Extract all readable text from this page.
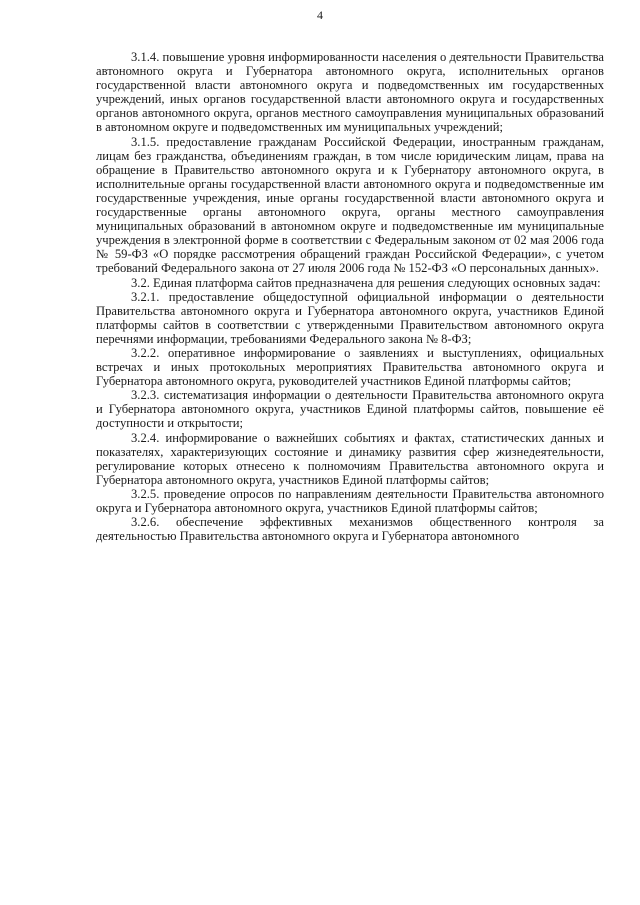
4

3.1.4. повышение уровня информированности населения о деятельности Правительства автономного округа и Губернатора автономного округа, исполнительных органов государственной власти автономного округа и подведомственных им государственных учреждений, иных органов государственной власти автономного округа и государственных органов автономного округа, органов местного самоуправления муниципальных образований в автономном округе и подведомственных им муниципальных учреждений;

3.1.5. предоставление гражданам Российской Федерации, иностранным гражданам, лицам без гражданства, объединениям граждан, в том числе юридическим лицам, права на обращение в Правительство автономного округа и к Губернатору автономного округа, в исполнительные органы государственной власти автономного округа и подведомственные им государственные учреждения, иные органы государственной власти автономного округа и государственные органы автономного округа, органы местного самоуправления муниципальных образований в автономном округе и подведомственные им муниципальные учреждения в электронной форме в соответствии с Федеральным законом от 02 мая 2006 года № 59-ФЗ «О порядке рассмотрения обращений граждан Российской Федерации», с учетом требований Федерального закона от 27 июля 2006 года № 152-ФЗ «О персональных данных».

3.2. Единая платформа сайтов предназначена для решения следующих основных задач:

3.2.1. предоставление общедоступной официальной информации о деятельности Правительства автономного округа и Губернатора автономного округа, участников Единой платформы сайтов в соответствии с утвержденными Правительством автономного округа перечнями информации, требованиями Федерального закона № 8-ФЗ;

3.2.2. оперативное информирование о заявлениях и выступлениях, официальных встречах и иных протокольных мероприятиях Правительства автономного округа и Губернатора автономного округа, руководителей участников Единой платформы сайтов;

3.2.3. систематизация информации о деятельности Правительства автономного округа и Губернатора автономного округа, участников Единой платформы сайтов, повышение её доступности и открытости;

3.2.4. информирование о важнейших событиях и фактах, статистических данных и показателях, характеризующих состояние и динамику развития сфер жизнедеятельности, регулирование которых отнесено к полномочиям Правительства автономного округа и Губернатора автономного округа, участников Единой платформы сайтов;

3.2.5. проведение опросов по направлениям деятельности Правительства автономного округа и Губернатора автономного округа, участников Единой платформы сайтов;

3.2.6. обеспечение эффективных механизмов общественного контроля за деятельностью Правительства автономного округа и Губернатора автономного
